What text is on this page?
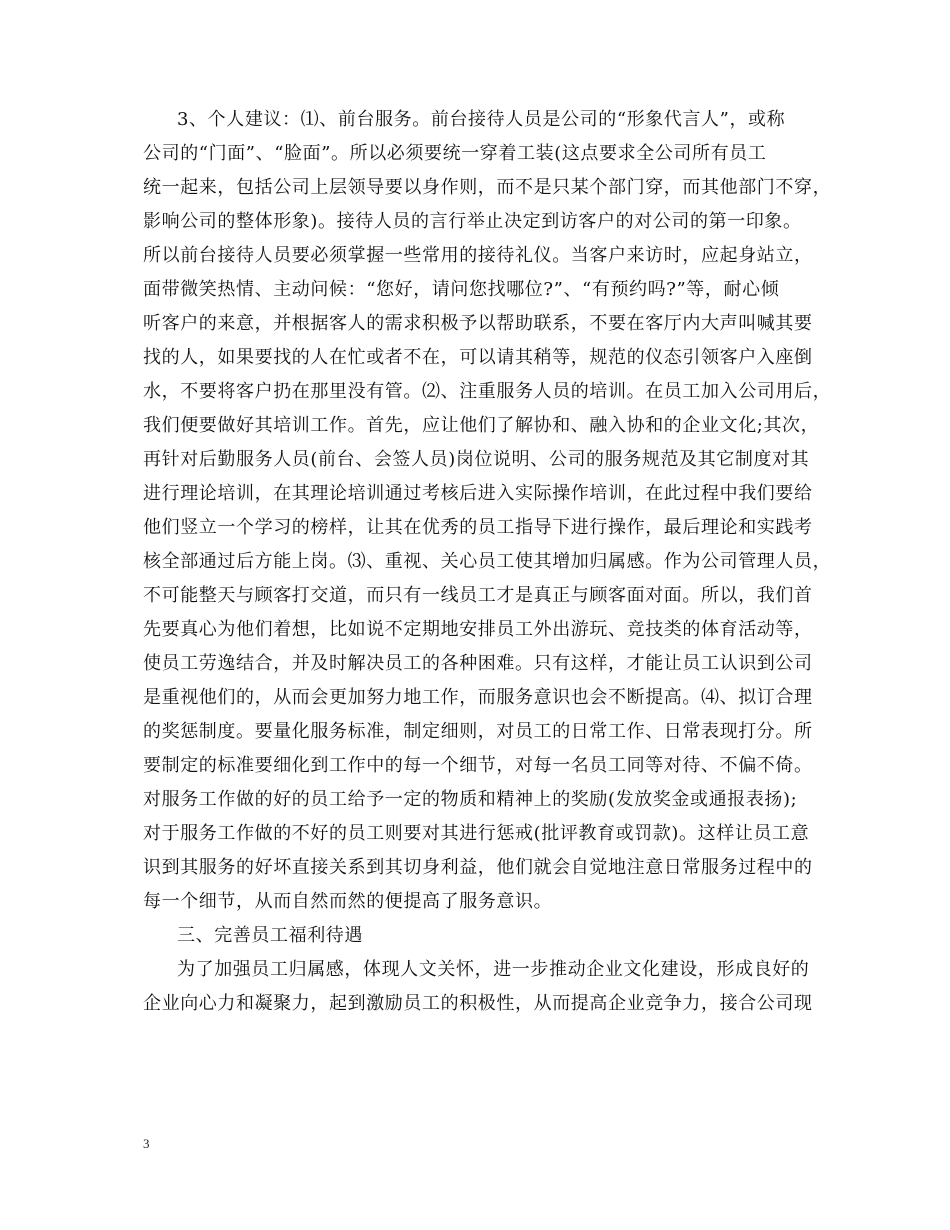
3、个人建议：⑴、前台服务。前台接待人员是公司的“形象代言人”，或称
公司的“门面”、“脸面”。所以必须要统一穿着工装(这点要求全公司所有员工
统一起来，包括公司上层领导要以身作则，而不是只某个部门穿，而其他部门不穿，
影响公司的整体形象)。接待人员的言行举止决定到访客户的对公司的第一印象。
所以前台接待人员要必须掌握一些常用的接待礼仪。当客户来访时，应起身站立，
面带微笑热情、主动问候：“您好，请问您找哪位?”、“有预约吗?”等，耐心倾
听客户的来意，并根据客人的需求积极予以帮助联系，不要在客厅内大声叫喊其要
找的人，如果要找的人在忙或者不在，可以请其稍等，规范的仪态引领客户入座倒
水，不要将客户扔在那里没有管。⑵、注重服务人员的培训。在员工加入公司用后，
我们便要做好其培训工作。首先，应让他们了解协和、融入协和的企业文化;其次，
再针对后勤服务人员(前台、会签人员)岗位说明、公司的服务规范及其它制度对其
进行理论培训，在其理论培训通过考核后进入实际操作培训，在此过程中我们要给
他们竖立一个学习的榜样，让其在优秀的员工指导下进行操作，最后理论和实践考
核全部通过后方能上岗。⑶、重视、关心员工使其增加归属感。作为公司管理人员，
不可能整天与顾客打交道，而只有一线员工才是真正与顾客面对面。所以，我们首
先要真心为他们着想，比如说不定期地安排员工外出游玩、竞技类的体育活动等，
使员工劳逸结合，并及时解决员工的各种困难。只有这样，才能让员工认识到公司
是重视他们的，从而会更加努力地工作，而服务意识也会不断提高。⑷、拟订合理
的奖惩制度。要量化服务标准，制定细则，对员工的日常工作、日常表现打分。所
要制定的标准要细化到工作中的每一个细节，对每一名员工同等对待、不偏不倚。
对服务工作做的好的员工给予一定的物质和精神上的奖励(发放奖金或通报表扬);
对于服务工作做的不好的员工则要对其进行惩戒(批评教育或罚款)。这样让员工意
识到其服务的好坏直接关系到其切身利益，他们就会自觉地注意日常服务过程中的
每一个细节，从而自然而然的便提高了服务意识。
三、完善员工福利待遇
为了加强员工归属感，体现人文关怀，进一步推动企业文化建设，形成良好的
企业向心力和凝聚力，起到激励员工的积极性，从而提高企业竞争力，接合公司现
3
